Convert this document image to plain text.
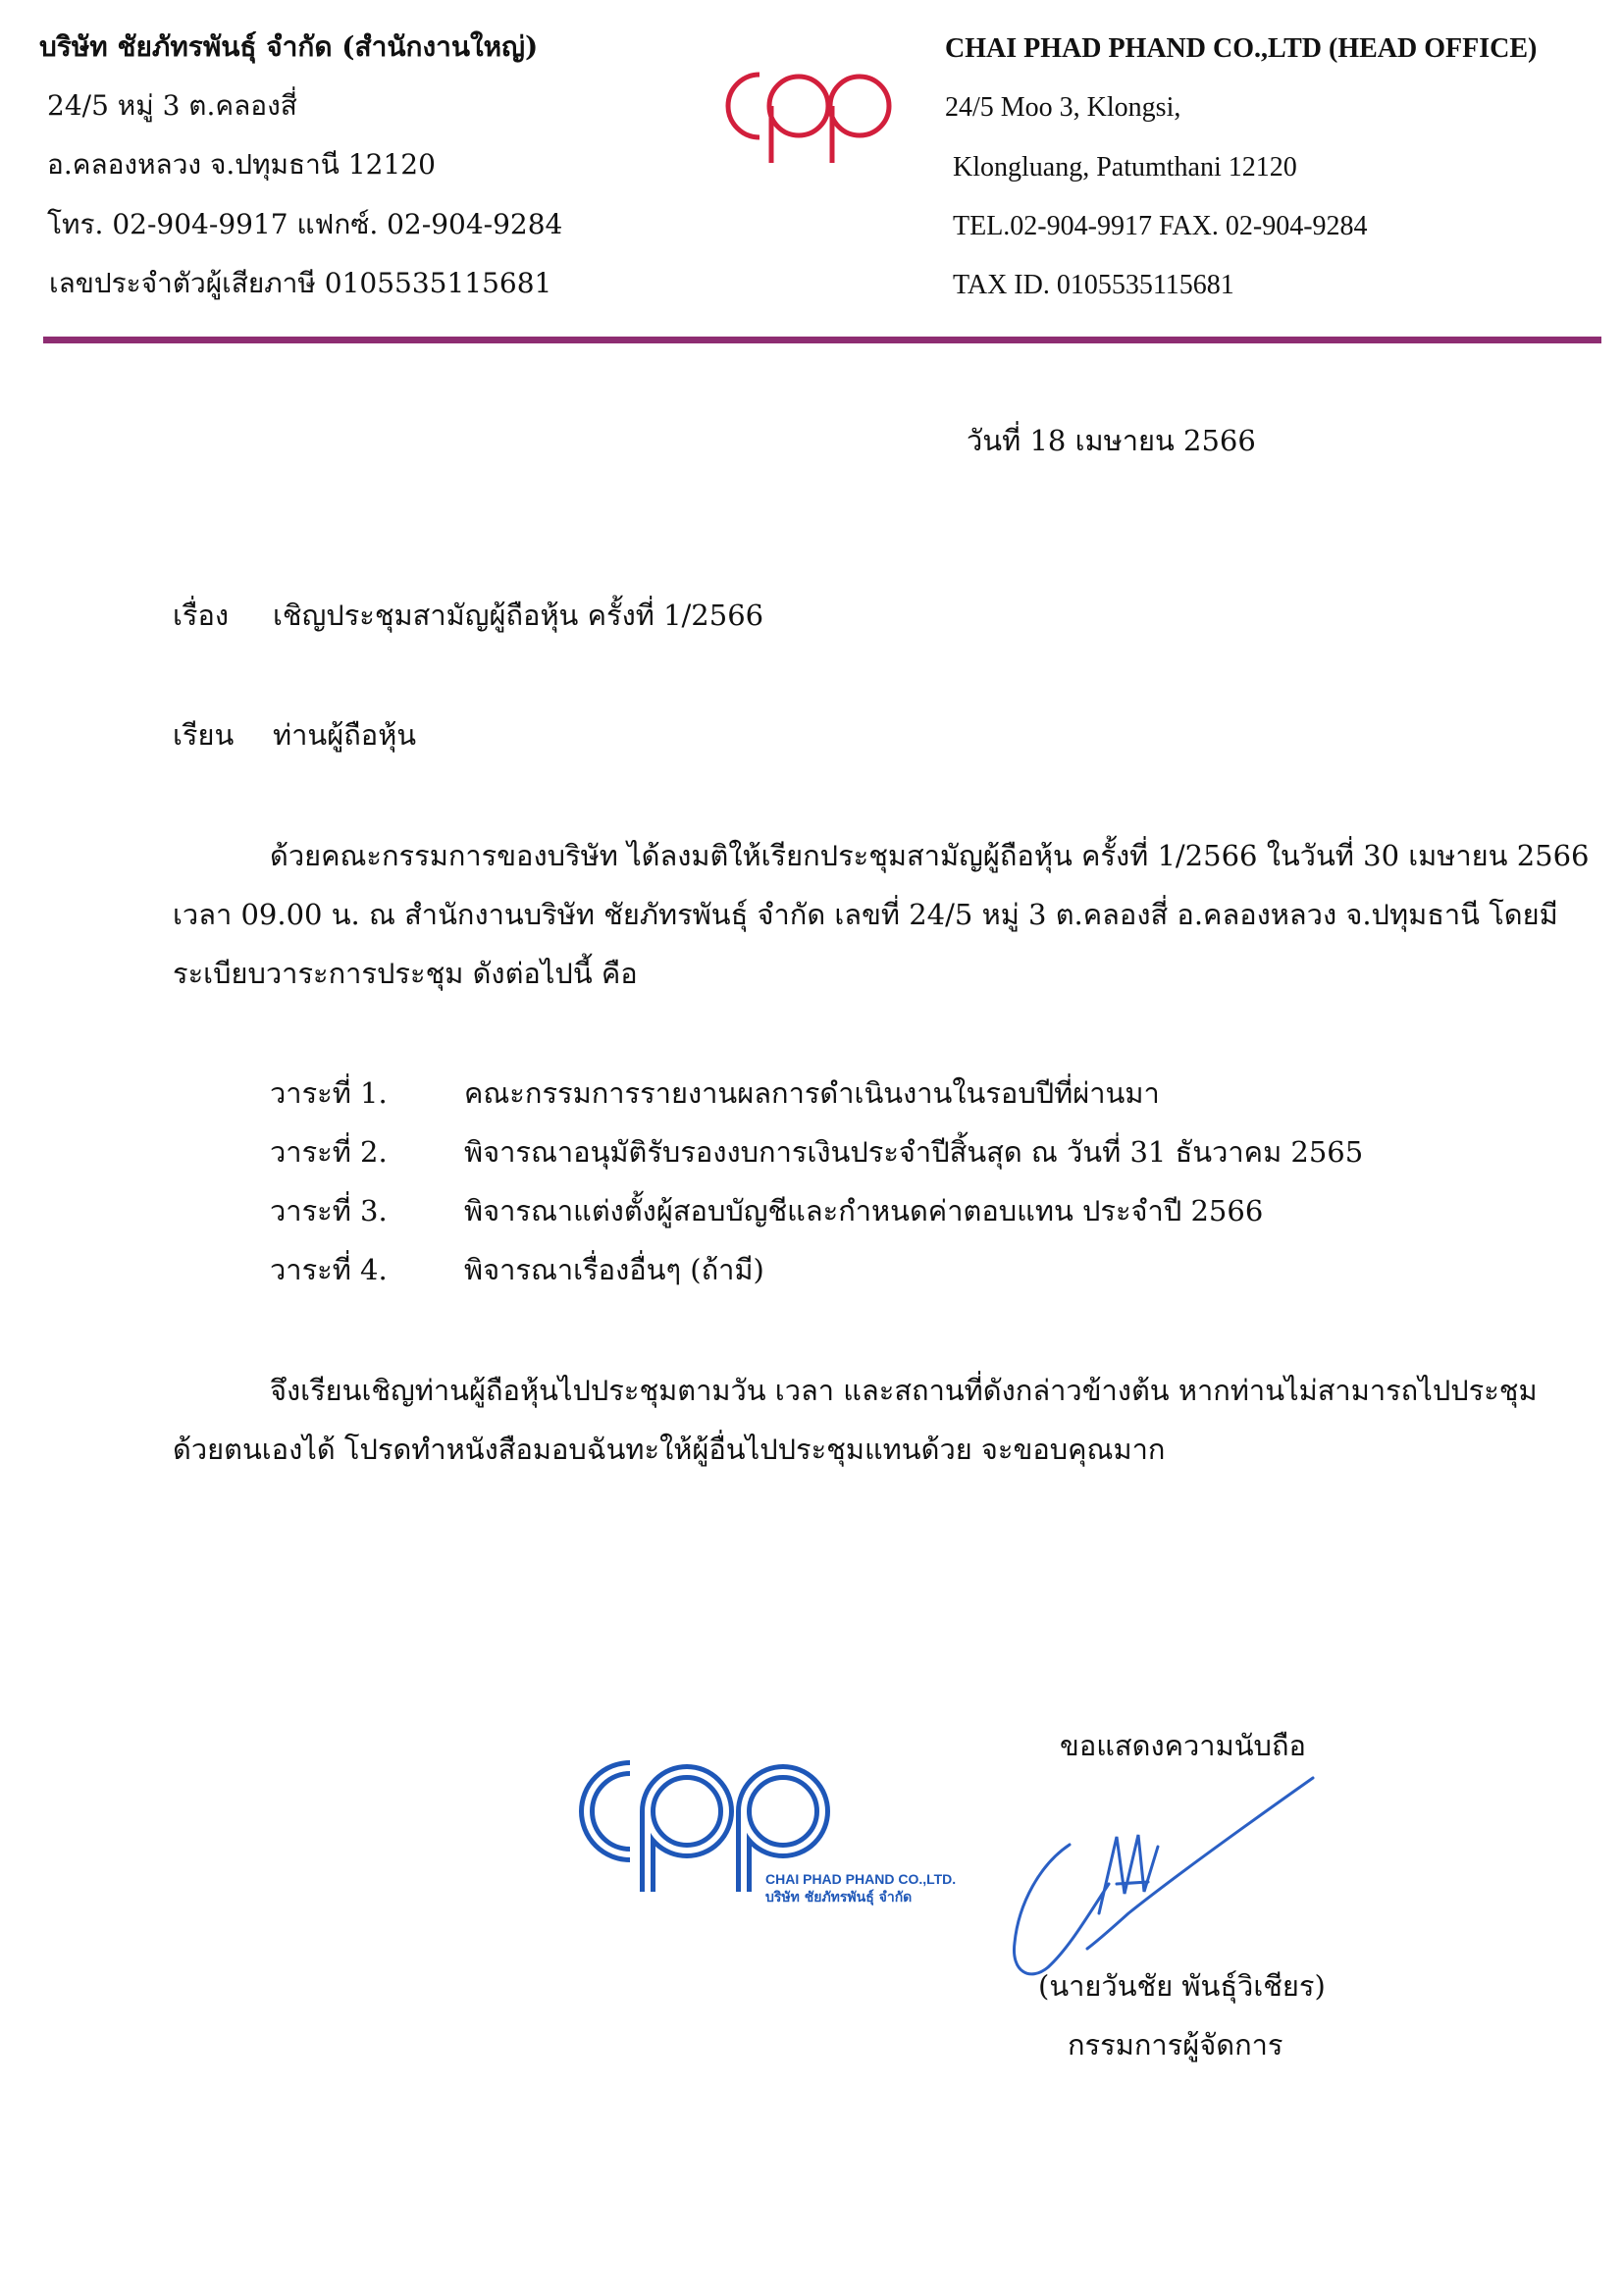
บริษัท ชัยภัทรพันธุ์ จำกัด (สำนักงานใหญ่)
24/5 หมู่ 3 ต.คลองสี่
อ.คลองหลวง จ.ปทุมธานี 12120
โทร. 02-904-9917 แฟกซ์. 02-904-9284
เลขประจำตัวผู้เสียภาษี 0105535115681
CHAI PHAD PHAND CO.,LTD (HEAD OFFICE)
24/5 Moo 3, Klongsi,
Klongluang, Patumthani 12120
TEL.02-904-9917 FAX. 02-904-9284
TAX ID. 0105535115681
วันที่ 18 เมษายน 2566
เรื่อง เชิญประชุมสามัญผู้ถือหุ้น ครั้งที่ 1/2566
เรียน ท่านผู้ถือหุ้น
ด้วยคณะกรรมการของบริษัท ได้ลงมติให้เรียกประชุมสามัญผู้ถือหุ้น ครั้งที่ 1/2566 ในวันที่ 30 เมษายน 2566
เวลา 09.00 น. ณ สำนักงานบริษัท ชัยภัทรพันธุ์ จำกัด เลขที่ 24/5 หมู่ 3 ต.คลองสี่ อ.คลองหลวง จ.ปทุมธานี โดยมี
ระเบียบวาระการประชุม ดังต่อไปนี้ คือ
วาระที่ 1.	คณะกรรมการรายงานผลการดำเนินงานในรอบปีที่ผ่านมา
วาระที่ 2.	พิจารณาอนุมัติรับรองงบการเงินประจำปีสิ้นสุด ณ วันที่ 31 ธันวาคม 2565
วาระที่ 3.	พิจารณาแต่งตั้งผู้สอบบัญชีและกำหนดค่าตอบแทน ประจำปี 2566
วาระที่ 4.	พิจารณาเรื่องอื่นๆ (ถ้ามี)
จึงเรียนเชิญท่านผู้ถือหุ้นไปประชุมตามวัน เวลา และสถานที่ดังกล่าวข้างต้น หากท่านไม่สามารถไปประชุม
ด้วยตนเองได้ โปรดทำหนังสือมอบฉันทะให้ผู้อื่นไปประชุมแทนด้วย จะขอบคุณมาก
ขอแสดงความนับถือ
CHAI PHAD PHAND CO.,LTD.
บริษัท ชัยภัทรพันธุ์ จำกัด
(นายวันชัย พันธุ์วิเชียร)
กรรมการผู้จัดการ
